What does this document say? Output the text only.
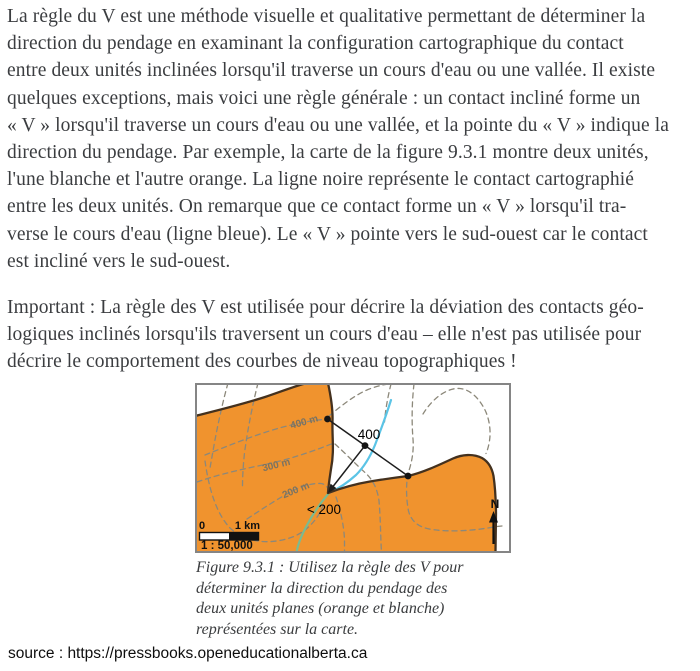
La règle du V est une méthode visuelle et qualitative permettant de déterminer la
direction du pendage en examinant la configuration cartographique du contact
entre deux unités inclinées lorsqu'il traverse un cours d'eau ou une vallée. Il existe
quelques exceptions, mais voici une règle générale : un contact incliné forme un
« V » lorsqu'il traverse un cours d'eau ou une vallée, et la pointe du « V » indique la
direction du pendage. Par exemple, la carte de la figure 9.3.1 montre deux unités,
l'une blanche et l'autre orange. La ligne noire représente le contact cartographié
entre les deux unités. On remarque que ce contact forme un « V » lorsqu'il tra-
verse le cours d'eau (ligne bleue). Le « V » pointe vers le sud-ouest car le contact
est incliné vers le sud-ouest.

Important : La règle des V est utilisée pour décrire la déviation des contacts géo-
logiques inclinés lorsqu'ils traversent un cours d'eau – elle n'est pas utilisée pour
décrire le comportement des courbes de niveau topographiques !

400 m
300 m
200 m
400
< 200
0	1 km
1 : 50,000
N
Figure 9.3.1 : Utilisez la règle des V pour
déterminer la direction du pendage des
deux unités planes (orange et blanche)
représentées sur la carte.
source : https://pressbooks.openeducationalberta.ca
